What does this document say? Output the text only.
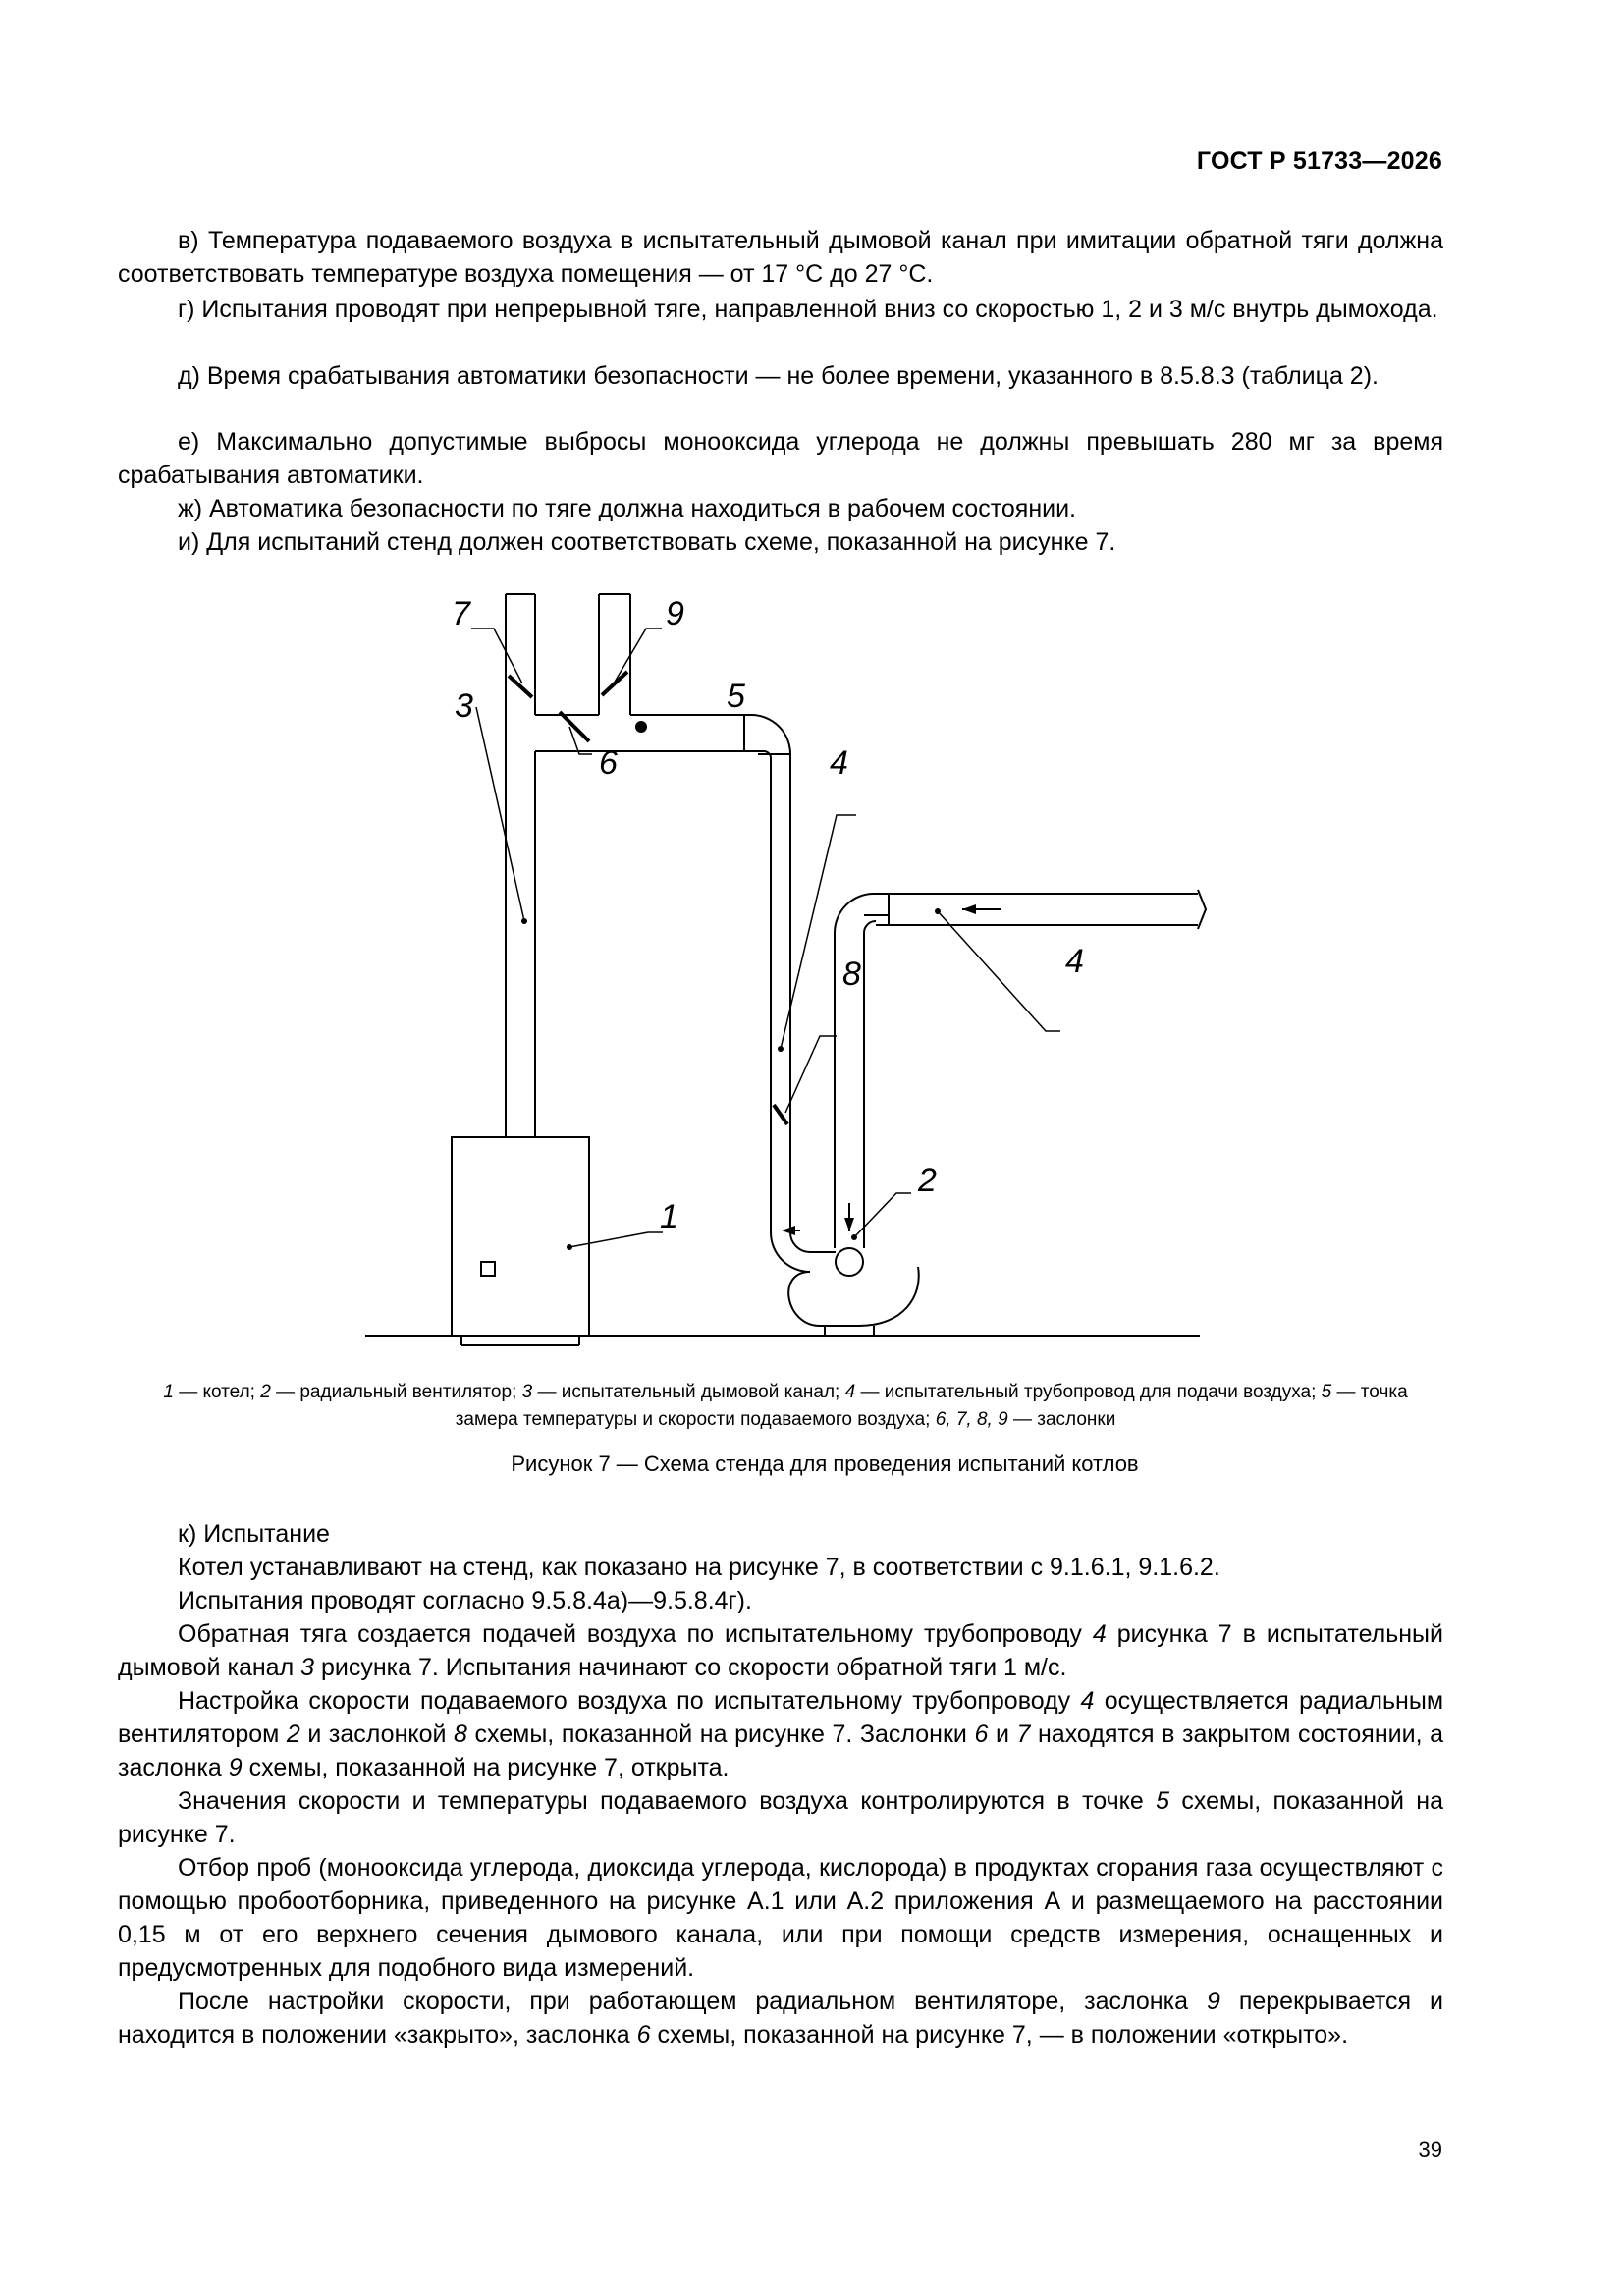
ГОСТ Р 51733—2026

в) Температура подаваемого воздуха в испытательный дымовой канал при имитации обратной тяги должна соответствовать температуре воздуха помещения — от 17 °C до 27 °C.

г) Испытания проводят при непрерывной тяге, направленной вниз со скоростью 1, 2 и 3 м/с внутрь дымохода.

д) Время срабатывания автоматики безопасности — не более времени, указанного в 8.5.8.3 (таблица 2).

е) Максимально допустимые выбросы монооксида углерода не должны превышать 280 мг за время срабатывания автоматики.

ж) Автоматика безопасности по тяге должна находиться в рабочем состоянии.

и) Для испытаний стенд должен соответствовать схеме, показанной на рисунке 7.

7	9
5
3
6	4
8	4
2
1
1 — котел; 2 — радиальный вентилятор; 3 — испытательный дымовой канал; 4 — испытательный трубопровод для подачи воздуха; 5 — точка замера температуры и скорости подаваемого воздуха; 6, 7, 8, 9 — заслонки
Рисунок 7 — Схема стенда для проведения испытаний котлов
к) Испытание
Котел устанавливают на стенд, как показано на рисунке 7, в соответствии с 9.1.6.1, 9.1.6.2.
Испытания проводят согласно 9.5.8.4а)—9.5.8.4г).

Обратная тяга создается подачей воздуха по испытательному трубопроводу 4 рисунка 7 в испытательный дымовой канал 3 рисунка 7. Испытания начинают со скорости обратной тяги 1 м/с.

Настройка скорости подаваемого воздуха по испытательному трубопроводу 4 осуществляется радиальным вентилятором 2 и заслонкой 8 схемы, показанной на рисунке 7. Заслонки 6 и 7 находятся в закрытом состоянии, а заслонка 9 схемы, показанной на рисунке 7, открыта.

Значения скорости и температуры подаваемого воздуха контролируются в точке 5 схемы, показанной на рисунке 7.

Отбор проб (монооксида углерода, диоксида углерода, кислорода) в продуктах сгорания газа осуществляют с помощью пробоотборника, приведенного на рисунке А.1 или А.2 приложения А и размещаемого на расстоянии 0,15 м от его верхнего сечения дымового канала, или при помощи средств измерения, оснащенных и предусмотренных для подобного вида измерений.

После настройки скорости, при работающем радиальном вентиляторе, заслонка 9 перекрывается и находится в положении «закрыто», заслонка 6 схемы, показанной на рисунке 7, — в положении «открыто».

39
